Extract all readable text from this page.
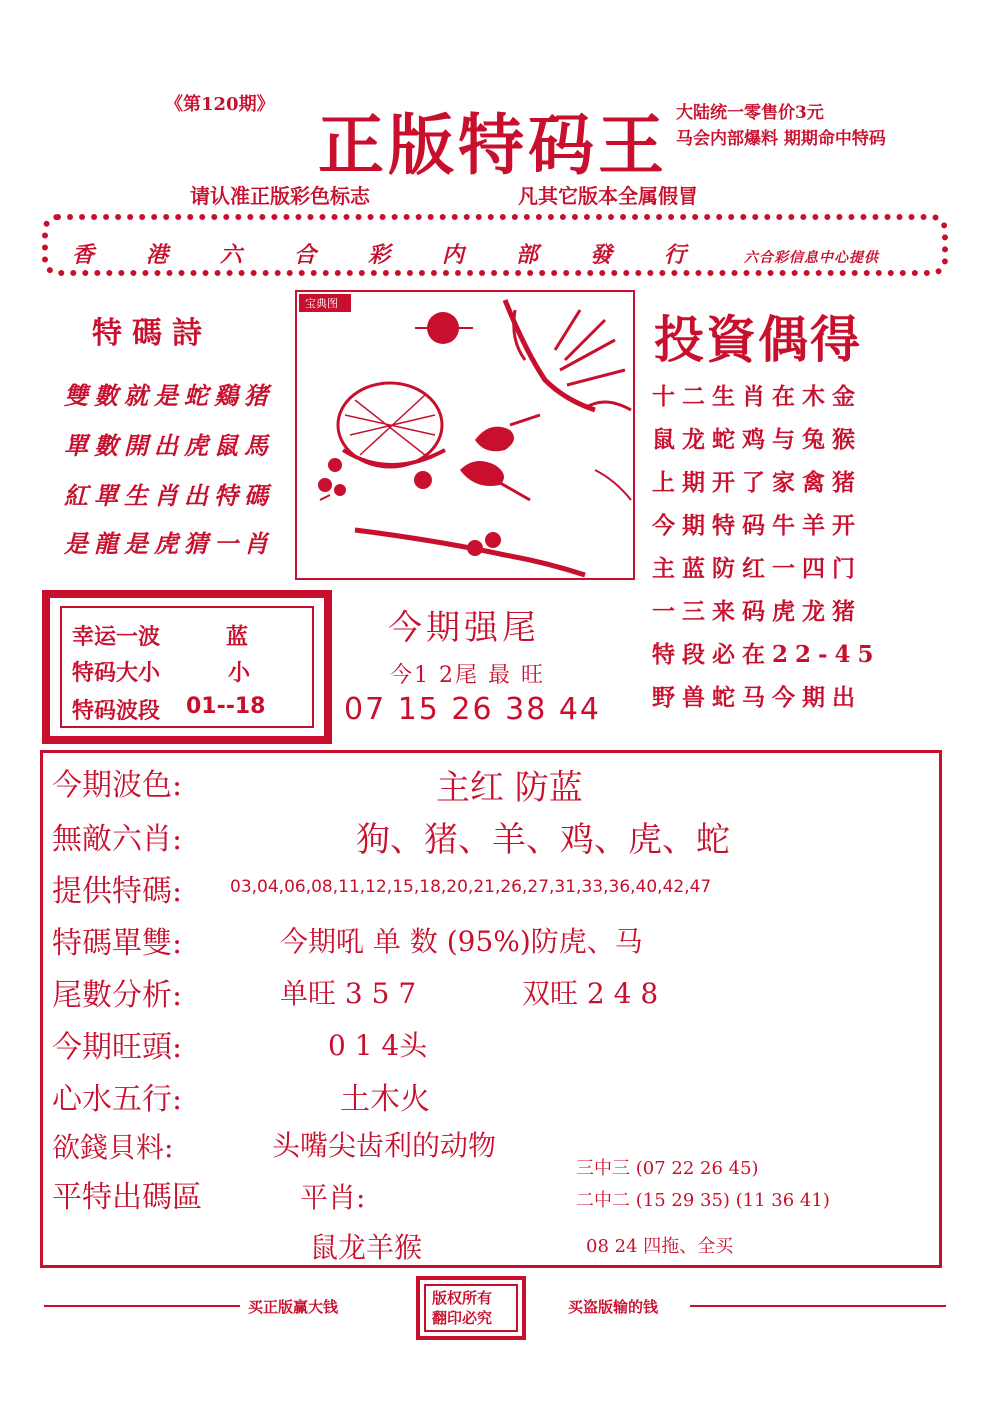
《第120期》
正版特码王 大陆统一零售价3元
马会内部爆料 期期命中特码
请认准正版彩色标志	凡其它版本全属假冒
香港六合彩内部發行 六合彩信息中心提供
特碼詩
雙數就是蛇鷄猪
單數開出虎鼠馬
紅單生肖出特碼
是龍是虎猜一肖
宝典图
投資偶得
十二生肖在木金
鼠龙蛇鸡与兔猴
上期开了家禽猪
今期特码牛羊开
主蓝防红一四门
一三来码虎龙猪
特段必在22-45
野兽蛇马今期出
幸运一波	蓝
特码大小	小
特码波段 01--18
今期强尾
今1 2尾 最 旺
07 15 26 38 44
今期波色:	主红 防蓝
無敵六肖:	狗、猪、羊、鸡、虎、蛇
提供特碼:	03,04,06,08,11,12,15,18,20,21,26,27,31,33,36,40,42,47
特碼單雙:	今期吼 单 数 (95%)防虎、马
尾數分析:	单旺 3 5 7	双旺 2 4 8
今期旺頭:	0 1 4头
心水五行:	土木火
欲錢貝料:	头嘴尖齿利的动物
平特出碼區	平肖:
鼠龙羊猴
三中三 (07 22 26 45)
二中二 (15 29 35) (11 36 41)
08 24 四拖、全买
买正版赢大钱	版权所有
翻印必究
买盗版输的钱
